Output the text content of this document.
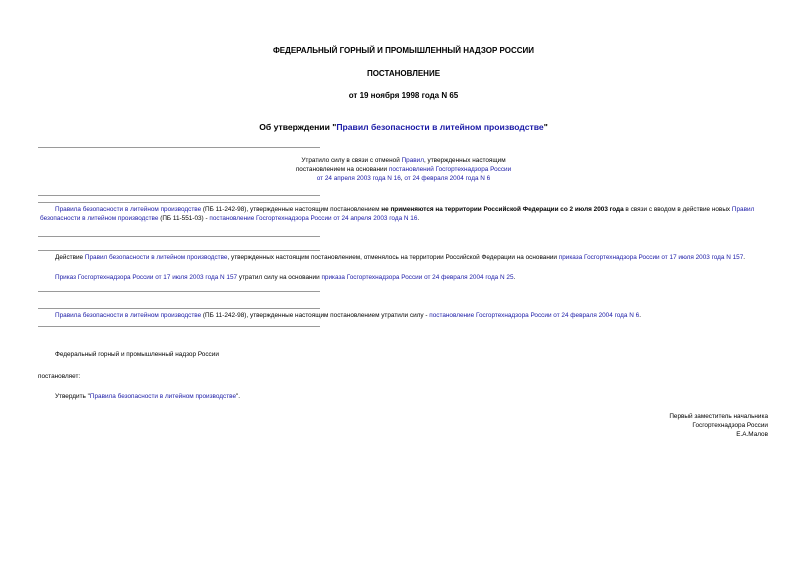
ФЕДЕРАЛЬНЫЙ ГОРНЫЙ И ПРОМЫШЛЕННЫЙ НАДЗОР РОССИИ
ПОСТАНОВЛЕНИЕ
от 19 ноября 1998 года N 65
Об утверждении "Правил безопасности в литейном производстве"
Утратило силу в связи с отменой Правил, утвержденных настоящим
постановлением на основании постановлений Госгортехнадзора России
от 24 апреля 2003 года N 16, от 24 февраля 2004 года N 6
Правила безопасности в литейном производстве (ПБ 11-242-98), утвержденные настоящим постановлением не применяются на территории Российской Федерации со 2 июля 2003 года в связи с вводом в действие новых Правил безопасности в литейном производстве (ПБ 11-551-03) - постановление Госгортехнадзора России от 24 апреля 2003 года N 16.
Действие Правил безопасности в литейном производстве, утвержденных настоящим постановлением, отменялось на территории Российской Федерации на основании приказа Госгортехнадзора России от 17 июля 2003 года N 157.
Приказ Госгортехнадзора России от 17 июля 2003 года N 157 утратил силу на основании приказа Госгортехнадзора России от 24 февраля 2004 года N 25.
Правила безопасности в литейном производстве (ПБ 11-242-98), утвержденные настоящим постановлением утратили силу - постановление Госгортехнадзора России от 24 февраля 2004 года N 6.
Федеральный горный и промышленный надзор России
постановляет:
Утвердить "Правила безопасности в литейном производстве".
Первый заместитель начальника
Госгортехнадзора России
Е.А.Малов
